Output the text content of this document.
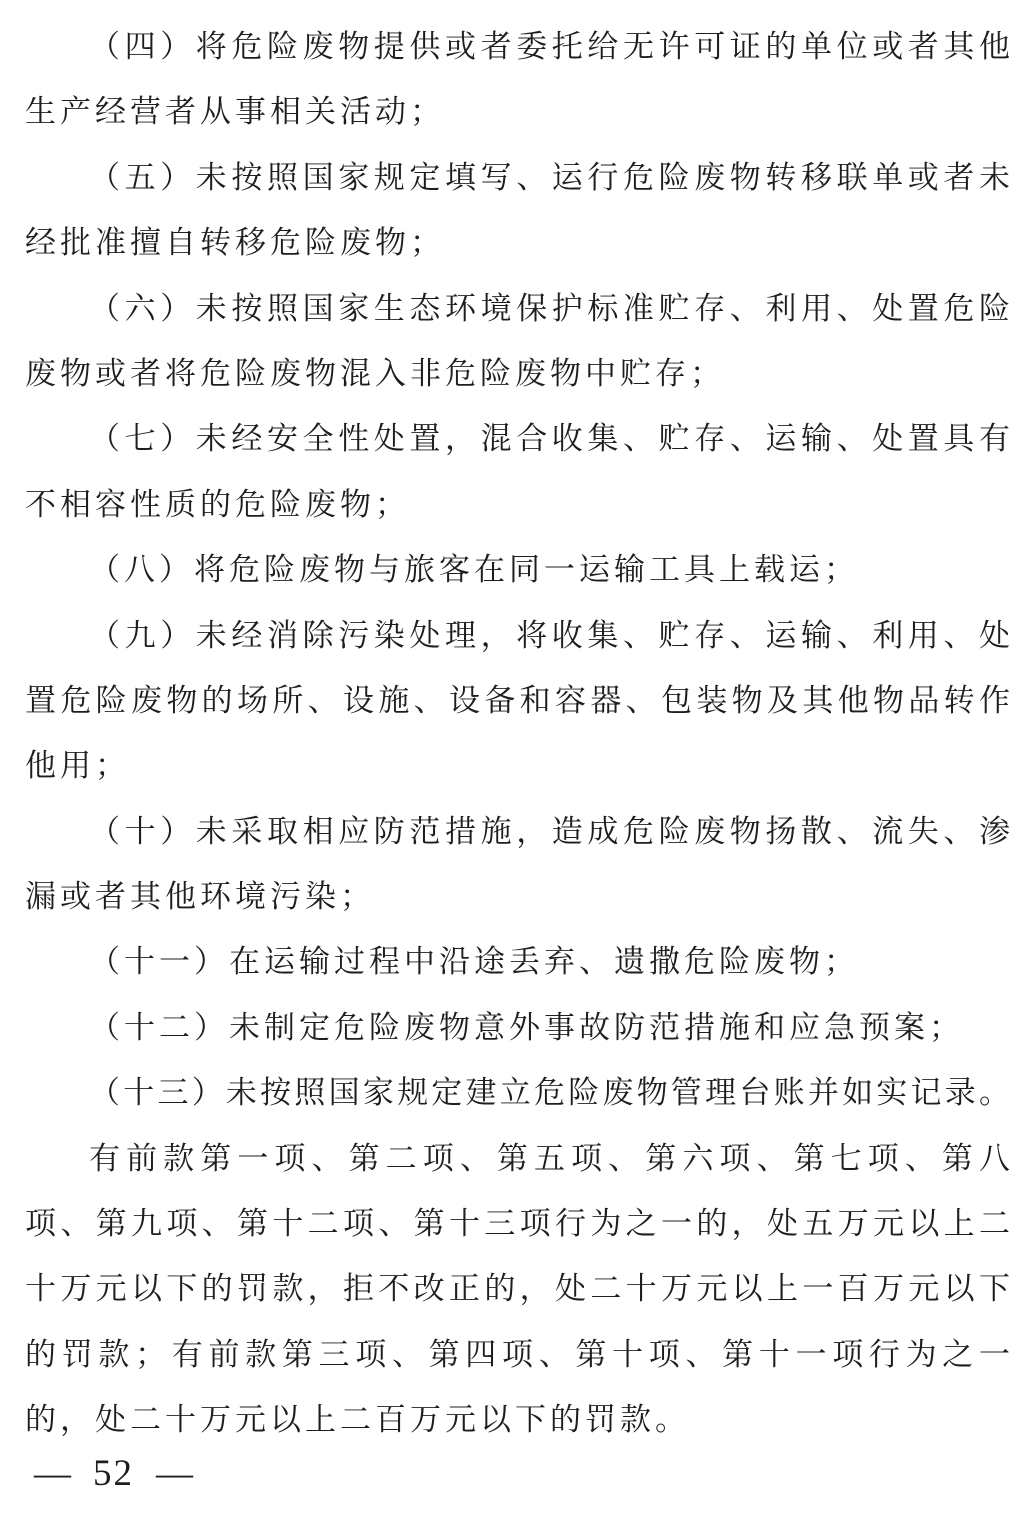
（四）将危险废物提供或者委托给无许可证的单位或者其他
生产经营者从事相关活动；
（五）未按照国家规定填写、运行危险废物转移联单或者未
经批准擅自转移危险废物；
（六）未按照国家生态环境保护标准贮存、利用、处置危险
废物或者将危险废物混入非危险废物中贮存；
（七）未经安全性处置，混合收集、贮存、运输、处置具有
不相容性质的危险废物；
（八）将危险废物与旅客在同一运输工具上载运；
（九）未经消除污染处理，将收集、贮存、运输、利用、处
置危险废物的场所、设施、设备和容器、包装物及其他物品转作
他用；
（十）未采取相应防范措施，造成危险废物扬散、流失、渗
漏或者其他环境污染；
（十一）在运输过程中沿途丢弃、遗撒危险废物；
（十二）未制定危险废物意外事故防范措施和应急预案；
（十三）未按照国家规定建立危险废物管理台账并如实记录。
有前款第一项、第二项、第五项、第六项、第七项、第八
项、第九项、第十二项、第十三项行为之一的，处五万元以上二
十万元以下的罚款，拒不改正的，处二十万元以上一百万元以下
的罚款；有前款第三项、第四项、第十项、第十一项行为之一
的，处二十万元以上二百万元以下的罚款。
— 52 —
